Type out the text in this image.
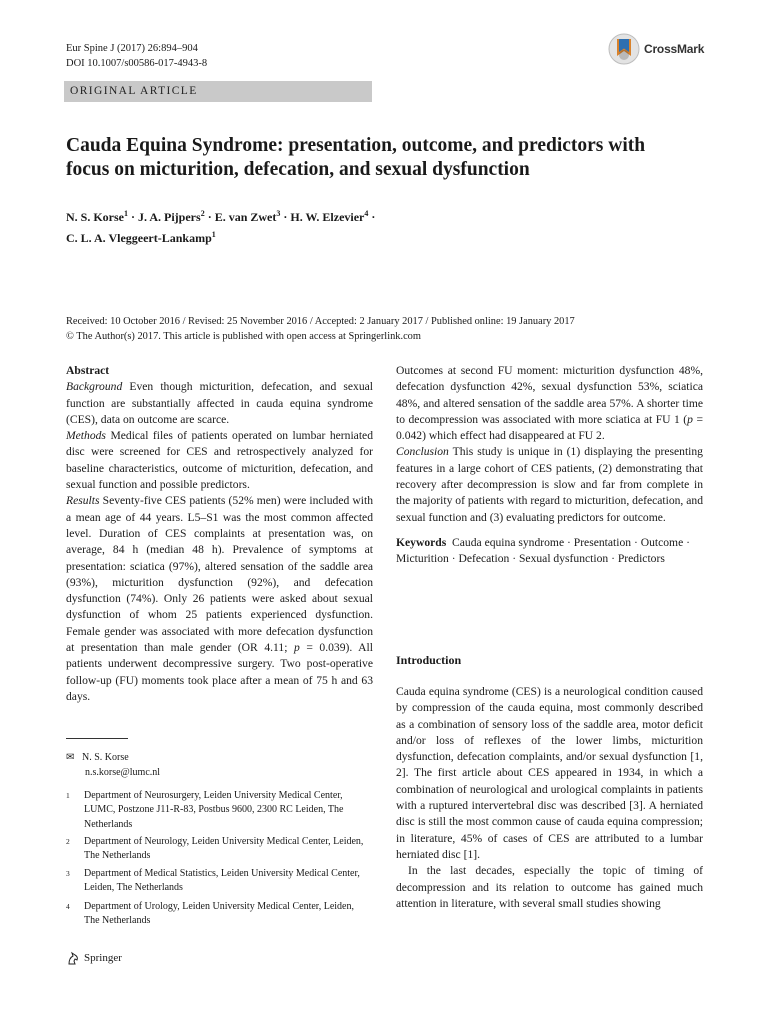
Eur Spine J (2017) 26:894–904
DOI 10.1007/s00586-017-4943-8
CrossMark
ORIGINAL ARTICLE
Cauda Equina Syndrome: presentation, outcome, and predictors with focus on micturition, defecation, and sexual dysfunction
N. S. Korse$^1$ · J. A. Pijpers$^2$ · E. van Zwet$^3$ · H. W. Elzevier$^4$ ·
C. L. A. Vleggeert-Lankamp$^1$
Received: 10 October 2016 / Revised: 25 November 2016 / Accepted: 2 January 2017 / Published online: 19 January 2017
© The Author(s) 2017. This article is published with open access at Springerlink.com

Abstract

Background Even though micturition, defecation, and sexual function are substantially affected in cauda equina syndrome (CES), data on outcome are scarce.

Methods Medical files of patients operated on lumbar herniated disc were screened for CES and retrospectively analyzed for baseline characteristics, outcome of micturition, defecation, and sexual function and possible predictors.

Results Seventy-five CES patients (52% men) were included with a mean age of 44 years. L5–S1 was the most common affected level. Duration of CES complaints at presentation was, on average, 84 h (median 48 h). Prevalence of symptoms at presentation: sciatica (97%), altered sensation of the saddle area (93%), micturition dysfunction (92%), and defecation dysfunction (74%). Only 26 patients were asked about sexual dysfunction of whom 25 patients experienced dysfunction. Female gender was associated with more defecation dysfunction at presentation than male gender (OR 4.11; p = 0.039). All patients underwent decompressive surgery. Two post-operative follow-up (FU) moments took place after a mean of 75 h and 63 days.

✉ N. S. Korse
n.s.korse@lumc.nl
1 Department of Neurosurgery, Leiden University Medical Center, LUMC, Postzone J11-R-83, Postbus 9600, 2300 RC Leiden, The Netherlands
2 Department of Neurology, Leiden University Medical Center, Leiden, The Netherlands
3 Department of Medical Statistics, Leiden University Medical Center, Leiden, The Netherlands
4 Department of Urology, Leiden University Medical Center, Leiden, The Netherlands
Springer

Outcomes at second FU moment: micturition dysfunction 48%, defecation dysfunction 42%, sexual dysfunction 53%, sciatica 48%, and altered sensation of the saddle area 57%. A shorter time to decompression was associated with more sciatica at FU 1 (p = 0.042) which effect had disappeared at FU 2.

Conclusion This study is unique in (1) displaying the presenting features in a large cohort of CES patients, (2) demonstrating that recovery after decompression is slow and far from complete in the majority of patients with regard to micturition, defecation, and sexual function and (3) evaluating predictors for outcome.

Keywords Cauda equina syndrome · Presentation · Outcome · Micturition · Defecation · Sexual dysfunction · Predictors

Introduction

Cauda equina syndrome (CES) is a neurological condition caused by compression of the cauda equina, most commonly described as a combination of sensory loss of the saddle area, motor deficit and/or loss of reflexes of the lower limbs, micturition dysfunction, defecation complaints, and/or sexual dysfunction [1, 2]. The first article about CES appeared in 1934, in which a combination of neurological and urological complaints in patients with a ruptured intervertebral disc was described [3]. A herniated disc is still the most common cause of cauda equina compression; in literature, 45% of cases of CES are attributed to a lumbar herniated disc [1].

In the last decades, especially the topic of timing of decompression and its relation to outcome has gained much attention in literature, with several small studies showing
